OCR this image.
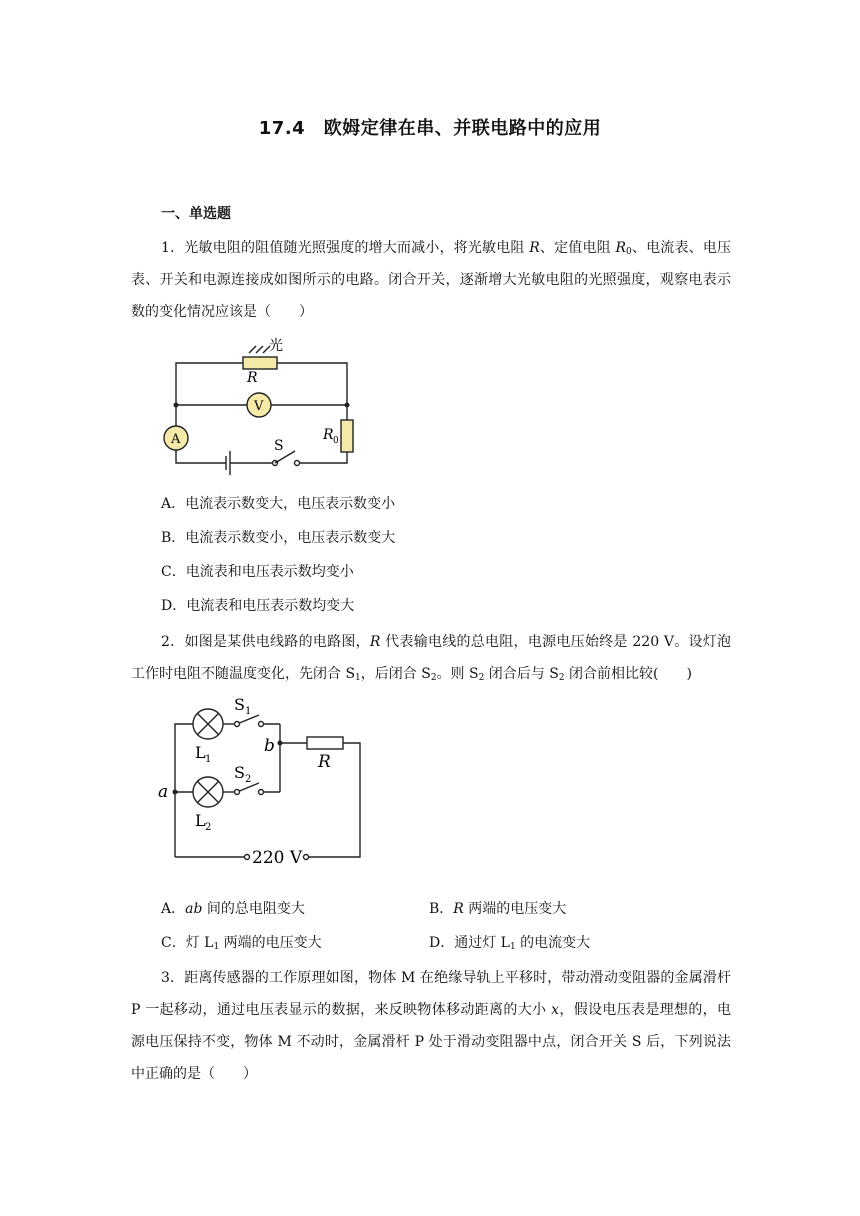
17.4　欧姆定律在串、并联电路中的应用
一、单选题
1．光敏电阻的阻值随光照强度的增大而减小，将光敏电阻 R、定值电阻 $R_0$、电流表、电压表、开关和电源连接成如图所示的电路。闭合开关，逐渐增大光敏电阻的光照强度，观察电表示数的变化情况应该是（　　）
光
R
V
A	S
R 0
A．电流表示数变大，电压表示数变小
B．电流表示数变小，电压表示数变大
C．电流表和电压表示数均变小
D．电流表和电压表示数均变大
2．如图是某供电线路的电路图，R 代表输电线的总电阻，电源电压始终是 220 V。设灯泡工作时电阻不随温度变化，先闭合 $S_1$，后闭合 $S_2$。则 $S_2$ 闭合后与 $S_2$ 闭合前相比较(　　)
S 1
S 2
L 1
L 2
a
b
R
220 V
A．ab 间的总电阻变大	B．R 两端的电压变大
C．灯 $L_1$ 两端的电压变大	D．通过灯 $L_1$ 的电流变大
3．距离传感器的工作原理如图，物体 M 在绝缘导轨上平移时，带动滑动变阻器的金属滑杆 P 一起移动，通过电压表显示的数据，来反映物体移动距离的大小 x，假设电压表是理想的，电源电压保持不变，物体 M 不动时，金属滑杆 P 处于滑动变阻器中点，闭合开关 S 后，下列说法中正确的是（　　）
